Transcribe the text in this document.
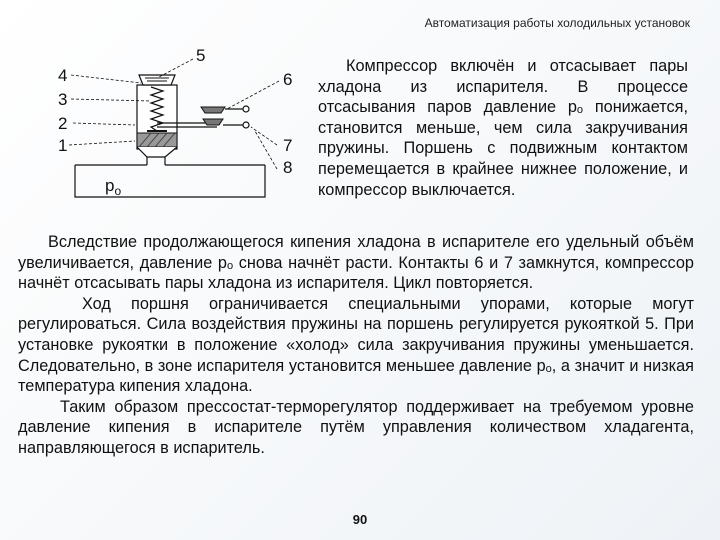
Автоматизация работы холодильных установок
5
4
3
2
1
6
7
8
$p_o$
Компрессор включён и отсасывает пары хладона из испарителя. В процессе отсасывания паров давление pₒ понижается, становится меньше, чем сила закручивания пружины. Поршень с подвижным контактом перемещается в крайнее нижнее положение, и компрессор выключается.

Вследствие продолжающегося кипения хладона в испарителе его удельный объём увеличивается, давление pₒ снова начнёт расти. Контакты 6 и 7 замкнутся, компрессор начнёт отсасывать пары хладона из испарителя. Цикл повторяется.

Ход поршня ограничивается специальными упорами, которые могут регулироваться. Сила воздействия пружины на поршень регулируется рукояткой 5. При установке рукоятки в положение «холод» сила закручивания пружины уменьшается. Следовательно, в зоне испарителя установится меньшее давление pₒ, а значит и низкая температура кипения хладона.

Таким образом прессостат-терморегулятор поддерживает на требуемом уровне давление кипения в испарителе путём управления количеством хладагента, направляющегося в испаритель.

90
